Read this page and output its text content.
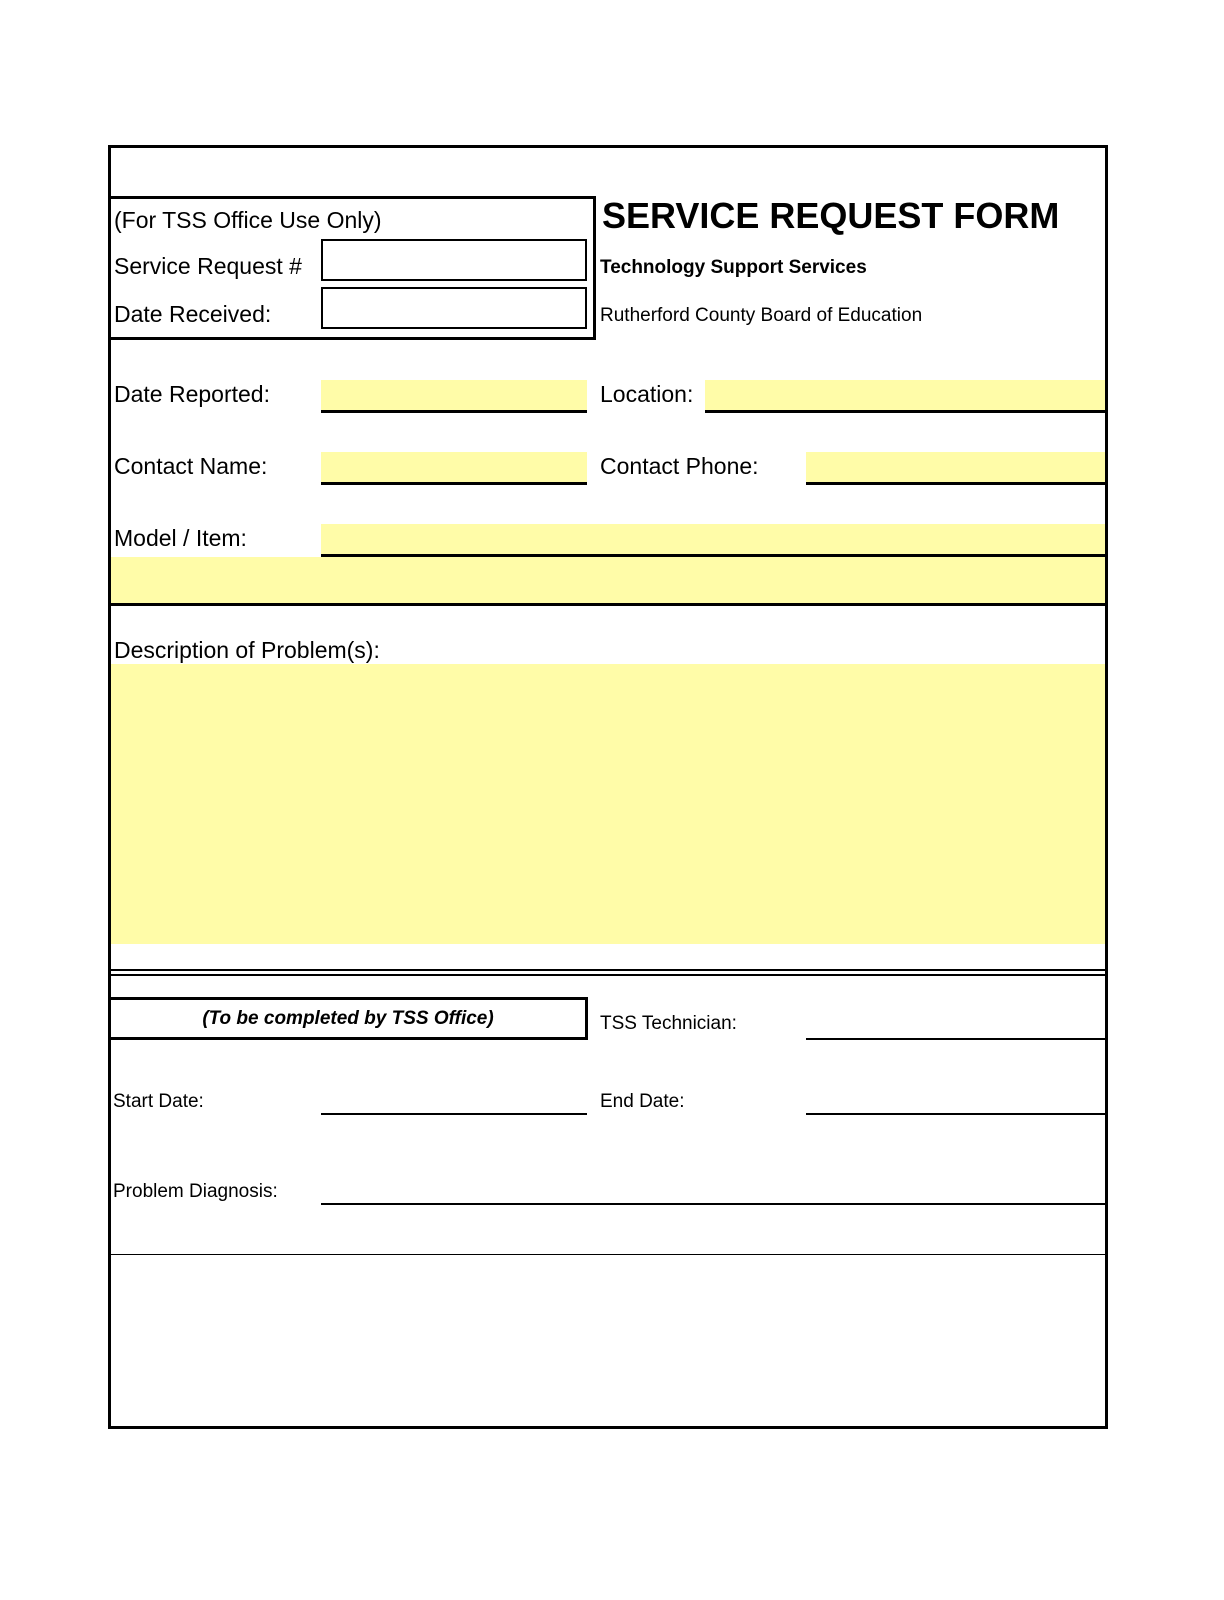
(For TSS Office Use Only)
Service Request #
Date Received:
SERVICE REQUEST FORM
Technology Support Services
Rutherford County Board of Education
Date Reported:	Location:
Contact Name:	Contact Phone:
Model / Item:
Description of Problem(s):
(To be completed by TSS Office)	TSS Technician:
Start Date:	End Date:
Problem Diagnosis:
